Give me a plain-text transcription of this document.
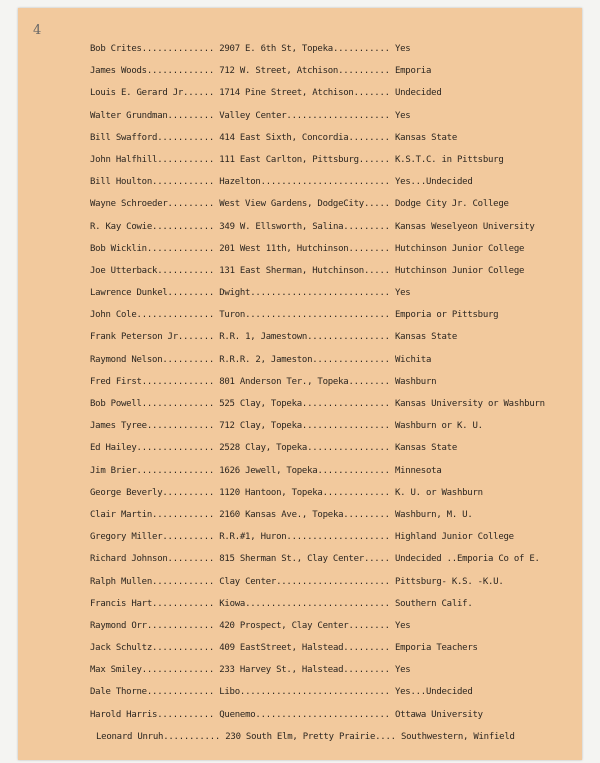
4
Bob Crites.............. 2907 E. 6th St, Topeka........... Yes
James Woods............. 712 W. Street, Atchison.......... Emporia
Louis E. Gerard Jr...... 1714 Pine Street, Atchison....... Undecided
Walter Grundman......... Valley Center.................... Yes
Bill Swafford........... 414 East Sixth, Concordia........ Kansas State
John Halfhill........... 111 East Carlton, Pittsburg...... K.S.T.C. in Pittsburg
Bill Houlton............ Hazelton......................... Yes...Undecided
Wayne Schroeder......... West View Gardens, DodgeCity..... Dodge City Jr. College
R. Kay Cowie............ 349 W. Ellsworth, Salina......... Kansas Weselyeon University
Bob Wicklin............. 201 West 11th, Hutchinson........ Hutchinson Junior College
Joe Utterback........... 131 East Sherman, Hutchinson..... Hutchinson Junior College
Lawrence Dunkel......... Dwight........................... Yes
John Cole............... Turon............................ Emporia or Pittsburg
Frank Peterson Jr....... R.R. 1, Jamestown................ Kansas State
Raymond Nelson.......... R.R.R. 2, Jameston............... Wichita
Fred First.............. 801 Anderson Ter., Topeka........ Washburn
Bob Powell.............. 525 Clay, Topeka................. Kansas University or Washburn
James Tyree............. 712 Clay, Topeka................. Washburn or K. U.
Ed Hailey............... 2528 Clay, Topeka................ Kansas State
Jim Brier............... 1626 Jewell, Topeka.............. Minnesota
George Beverly.......... 1120 Hantoon, Topeka............. K. U. or Washburn
Clair Martin............ 2160 Kansas Ave., Topeka......... Washburn, M. U.
Gregory Miller.......... R.R.#1, Huron.................... Highland Junior College
Richard Johnson......... 815 Sherman St., Clay Center..... Undecided ..Emporia Co of E.
Ralph Mullen............ Clay Center...................... Pittsburg- K.S. -K.U.
Francis Hart............ Kiowa............................ Southern Calif.
Raymond Orr............. 420 Prospect, Clay Center........ Yes
Jack Schultz............ 409 EastStreet, Halstead......... Emporia Teachers
Max Smiley.............. 233 Harvey St., Halstead......... Yes
Dale Thorne............. Libo............................. Yes...Undecided
Harold Harris........... Quenemo.......................... Ottawa University
Leonard Unruh........... 230 South Elm, Pretty Prairie.... Southwestern, Winfield
